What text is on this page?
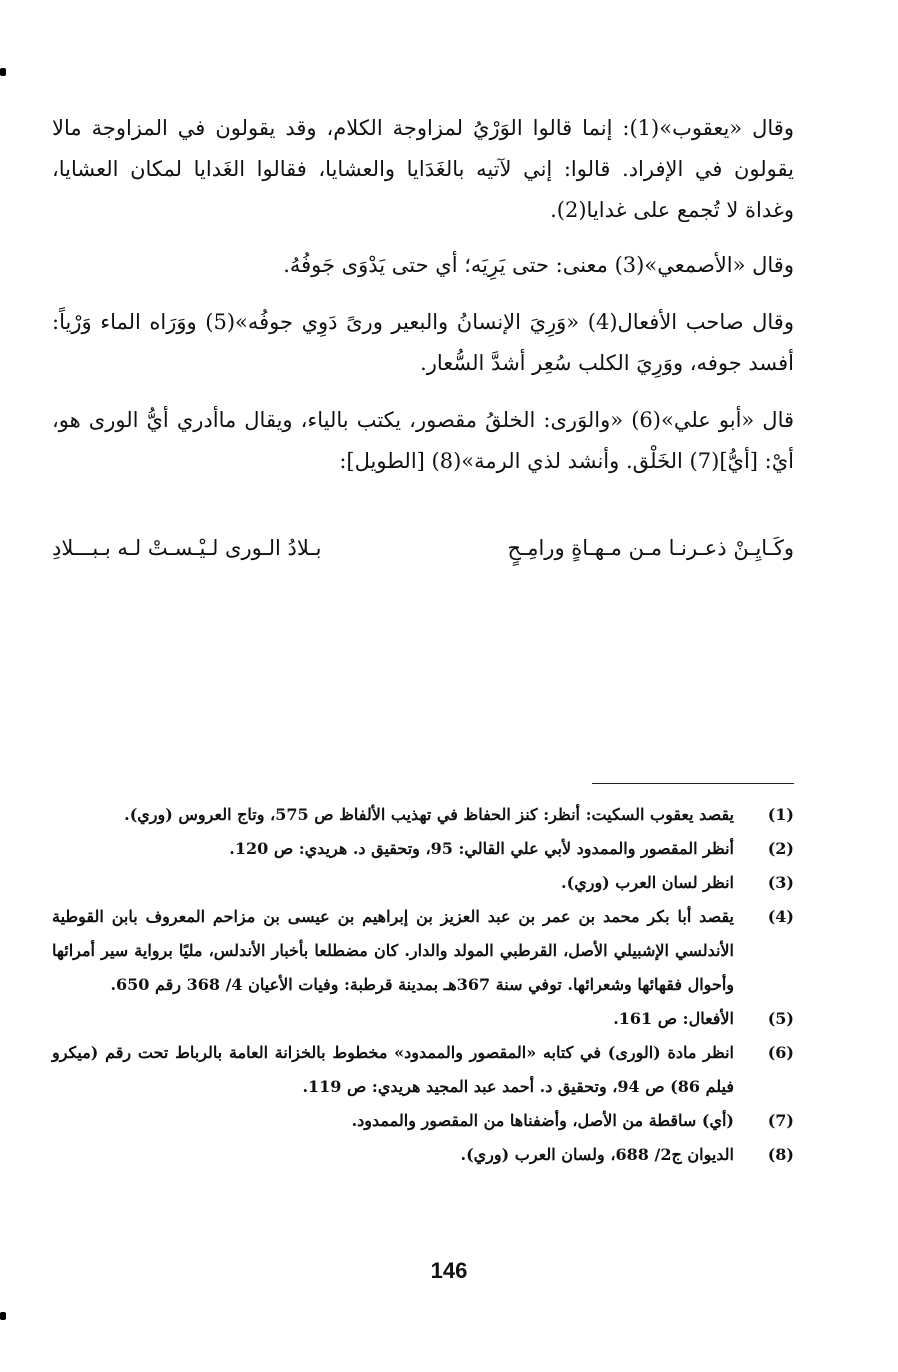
وقال «يعقوب»(1): إنما قالوا الوَرْيُ لمزاوجة الكلام، وقد يقولون في المزاوجة مالا يقولون في الإفراد. قالوا: إني لآتيه بالغَدَايا والعشايا، فقالوا الغَدايا لمكان العشايا، وغداة لا تُجمع على غدايا(2).

وقال «الأصمعي»(3) معنى: حتى يَرِيَه؛ أي حتى يَدْوَى جَوفُهُ.

وقال صاحب الأفعال(4) «وَرِيَ الإنسانُ والبعير ورىً دَوِي جوفُه»(5) ووَرَاه الماء وَرْياً: أفسد جوفه، ووَرِيَ الكلب سُعِر أشدَّ السُّعار.

قال «أبو علي»(6) «والوَرى: الخلقُ مقصور، يكتب بالياء، ويقال ماأدري أيُّ الورى هو، أيْ: [أيُّ](7) الخَلْق. وأنشد لذي الرمة»(8) [الطويل]:

وكَـايِـنْ ذعـرنـا مـن مـهـاةٍ ورامِـحٍ
بـلادُ الـورى لـيْـسـتْ لـه بـبـــلادِ
(1)
يقصد يعقوب السكيت: أنظر: كنز الحفاظ في تهذيب الألفاظ ص 575، وتاج العروس (وري).
(2)
أنظر المقصور والممدود لأبي علي القالي: 95، وتحقيق د. هريدي: ص 120.
(3)
انظر لسان العرب (وري).
(4)
يقصد أبا بكر محمد بن عمر بن عبد العزيز بن إبراهيم بن عيسى بن مزاحم المعروف بابن القوطية الأندلسي الإشبيلي الأصل، القرطبي المولد والدار. كان مضطلعا بأخبار الأندلس، مليًا برواية سير أمرائها وأحوال فقهائها وشعرائها. توفي سنة 367هـ بمدينة قرطبة: وفيات الأعيان 4/ 368 رقم 650.
(5)
الأفعال: ص 161.
(6)
انظر مادة (الورى) في كتابه «المقصور والممدود» مخطوط بالخزانة العامة بالرباط تحت رقم (ميكرو فيلم 86) ص 94، وتحقيق د. أحمد عبد المجيد هريدي: ص 119.
(7)
(أي) ساقطة من الأصل، وأضفناها من المقصور والممدود.
(8)
الديوان ج2/ 688، ولسان العرب (وري).
146
